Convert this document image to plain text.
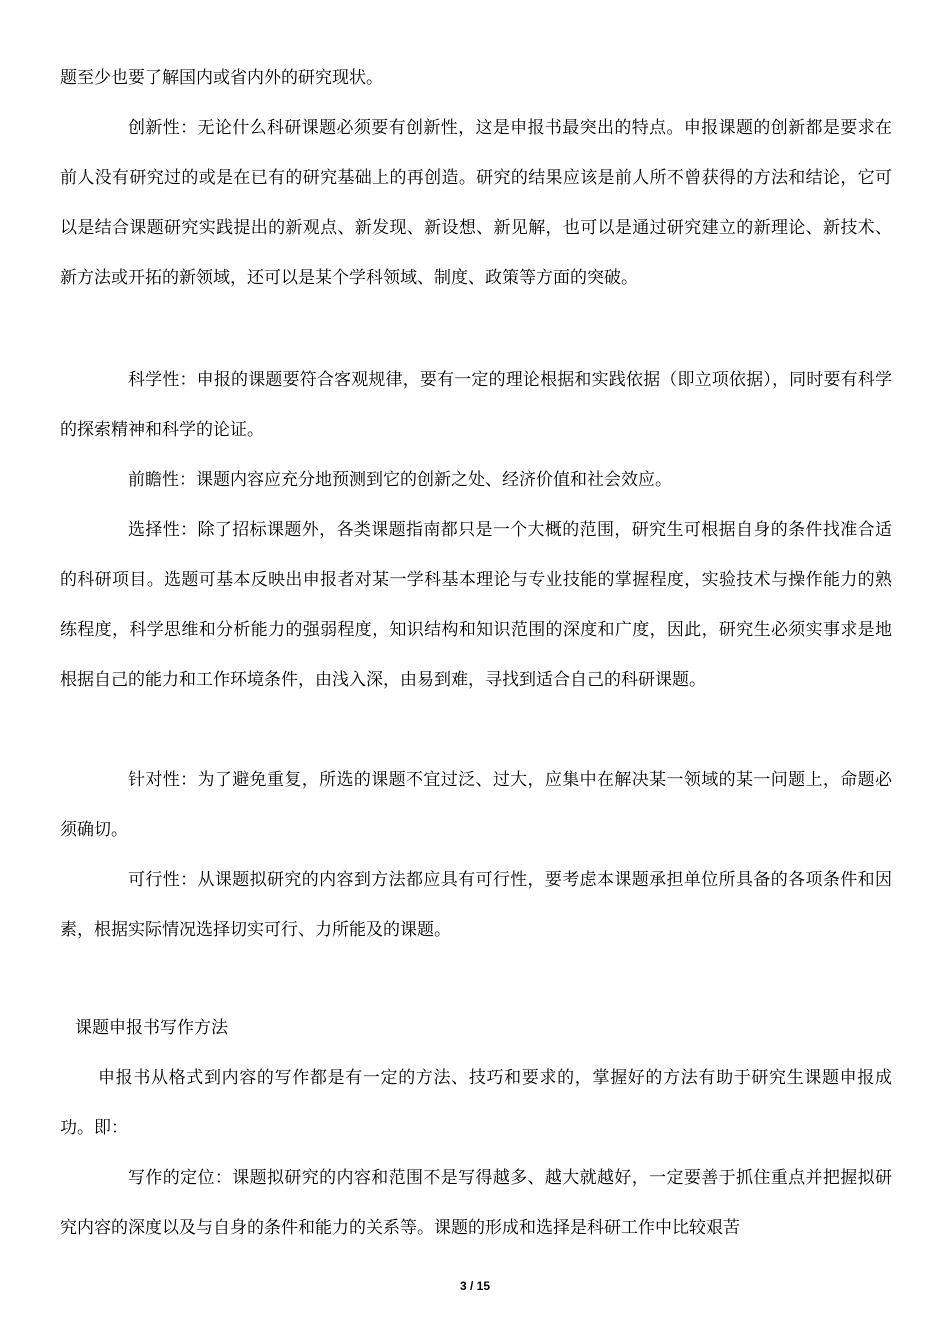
题至少也要了解国内或省内外的研究现状。

创新性：无论什么科研课题必须要有创新性，这是申报书最突出的特点。申报课题的创新都是要求在前人没有研究过的或是在已有的研究基础上的再创造。研究的结果应该是前人所不曾获得的方法和结论，它可以是结合课题研究实践提出的新观点、新发现、新设想、新见解，也可以是通过研究建立的新理论、新技术、新方法或开拓的新领域，还可以是某个学科领域、制度、政策等方面的突破。

科学性：申报的课题要符合客观规律，要有一定的理论根据和实践依据（即立项依据），同时要有科学的探索精神和科学的论证。

前瞻性：课题内容应充分地预测到它的创新之处、经济价值和社会效应。

选择性：除了招标课题外，各类课题指南都只是一个大概的范围，研究生可根据自身的条件找准合适的科研项目。选题可基本反映出申报者对某一学科基本理论与专业技能的掌握程度，实验技术与操作能力的熟练程度，科学思维和分析能力的强弱程度，知识结构和知识范围的深度和广度，因此，研究生必须实事求是地根据自己的能力和工作环境条件，由浅入深，由易到难，寻找到适合自己的科研课题。

针对性：为了避免重复，所选的课题不宜过泛、过大，应集中在解决某一领域的某一问题上，命题必须确切。

可行性：从课题拟研究的内容到方法都应具有可行性，要考虑本课题承担单位所具备的各项条件和因素，根据实际情况选择切实可行、力所能及的课题。

课题申报书写作方法

申报书从格式到内容的写作都是有一定的方法、技巧和要求的，掌握好的方法有助于研究生课题申报成功。即：

写作的定位：课题拟研究的内容和范围不是写得越多、越大就越好，一定要善于抓住重点并把握拟研究内容的深度以及与自身的条件和能力的关系等。课题的形成和选择是科研工作中比较艰苦

3 / 15
